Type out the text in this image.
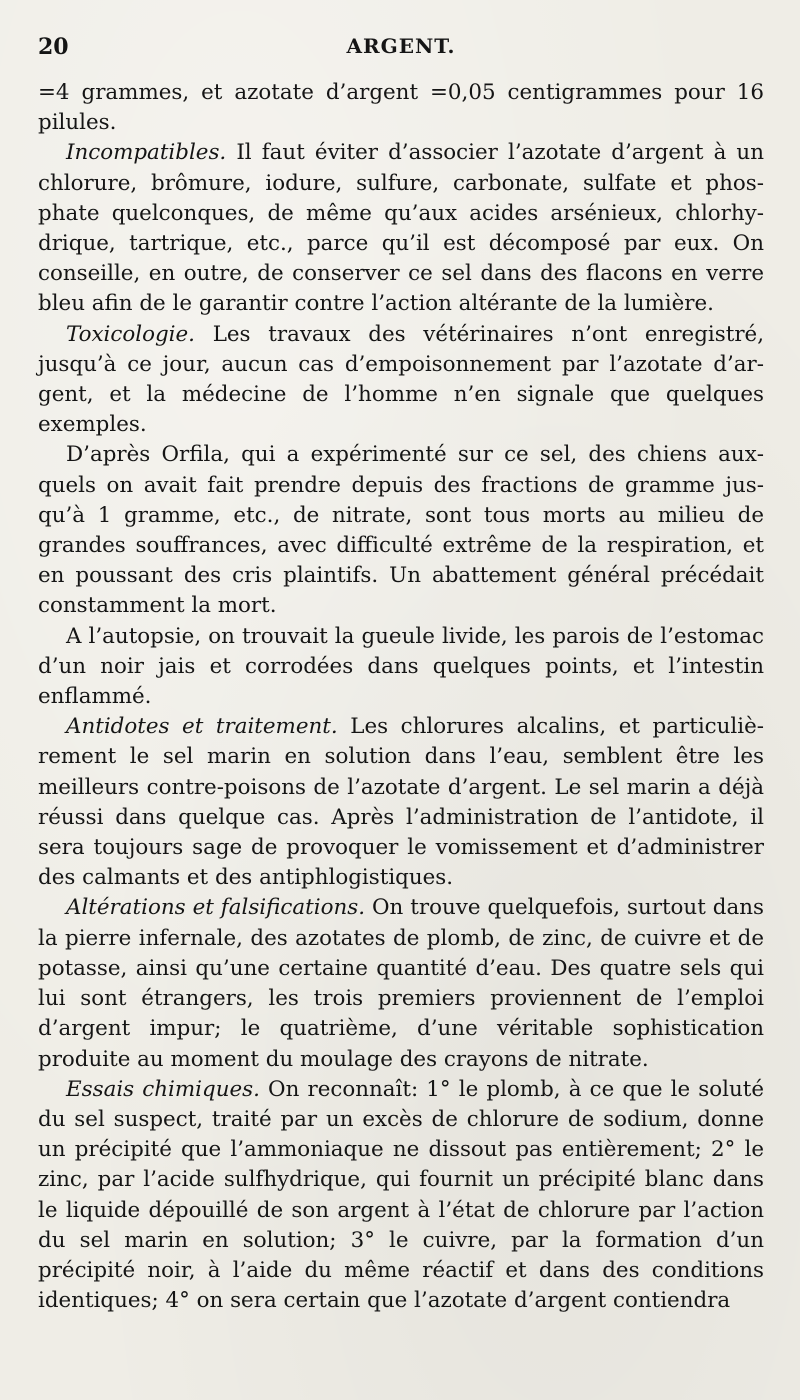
20	ARGENT.

=4 grammes, et azotate d’argent =0,05 centigrammes pour 16 pilules.

Incompatibles. Il faut éviter d’associer l’azotate d’argent à un chlorure, brômure, iodure, sulfure, carbonate, sulfate et phosphate quelconques, de même qu’aux acides arsénieux, chlorhydrique, tartrique, etc., parce qu’il est décomposé par eux. On conseille, en outre, de conserver ce sel dans des flacons en verre bleu afin de le garantir contre l’action altérante de la lumière.

Toxicologie. Les travaux des vétérinaires n’ont enregistré, jusqu’à ce jour, aucun cas d’empoisonnement par l’azotate d’argent, et la médecine de l’homme n’en signale que quelques exemples.

D’après Orfila, qui a expérimenté sur ce sel, des chiens auxquels on avait fait prendre depuis des fractions de gramme jusqu’à 1 gramme, etc., de nitrate, sont tous morts au milieu de grandes souffrances, avec difficulté extrême de la respiration, et en poussant des cris plaintifs. Un abattement général précédait constamment la mort.

A l’autopsie, on trouvait la gueule livide, les parois de l’estomac d’un noir jais et corrodées dans quelques points, et l’intestin enflammé.

Antidotes et traitement. Les chlorures alcalins, et particulièrement le sel marin en solution dans l’eau, semblent être les meilleurs contre-poisons de l’azotate d’argent. Le sel marin a déjà réussi dans quelque cas. Après l’administration de l’antidote, il sera toujours sage de provoquer le vomissement et d’administrer des calmants et des antiphlogistiques.

Altérations et falsifications. On trouve quelquefois, surtout dans la pierre infernale, des azotates de plomb, de zinc, de cuivre et de potasse, ainsi qu’une certaine quantité d’eau. Des quatre sels qui lui sont étrangers, les trois premiers proviennent de l’emploi d’argent impur; le quatrième, d’une véritable sophistication produite au moment du moulage des crayons de nitrate.

Essais chimiques. On reconnaît: 1° le plomb, à ce que le soluté du sel suspect, traité par un excès de chlorure de sodium, donne un précipité que l’ammoniaque ne dissout pas entièrement; 2° le zinc, par l’acide sulfhydrique, qui fournit un précipité blanc dans le liquide dépouillé de son argent à l’état de chlorure par l’action du sel marin en solution; 3° le cuivre, par la formation d’un précipité noir, à l’aide du même réactif et dans des conditions identiques; 4° on sera certain que l’azotate d’argent contiendra
